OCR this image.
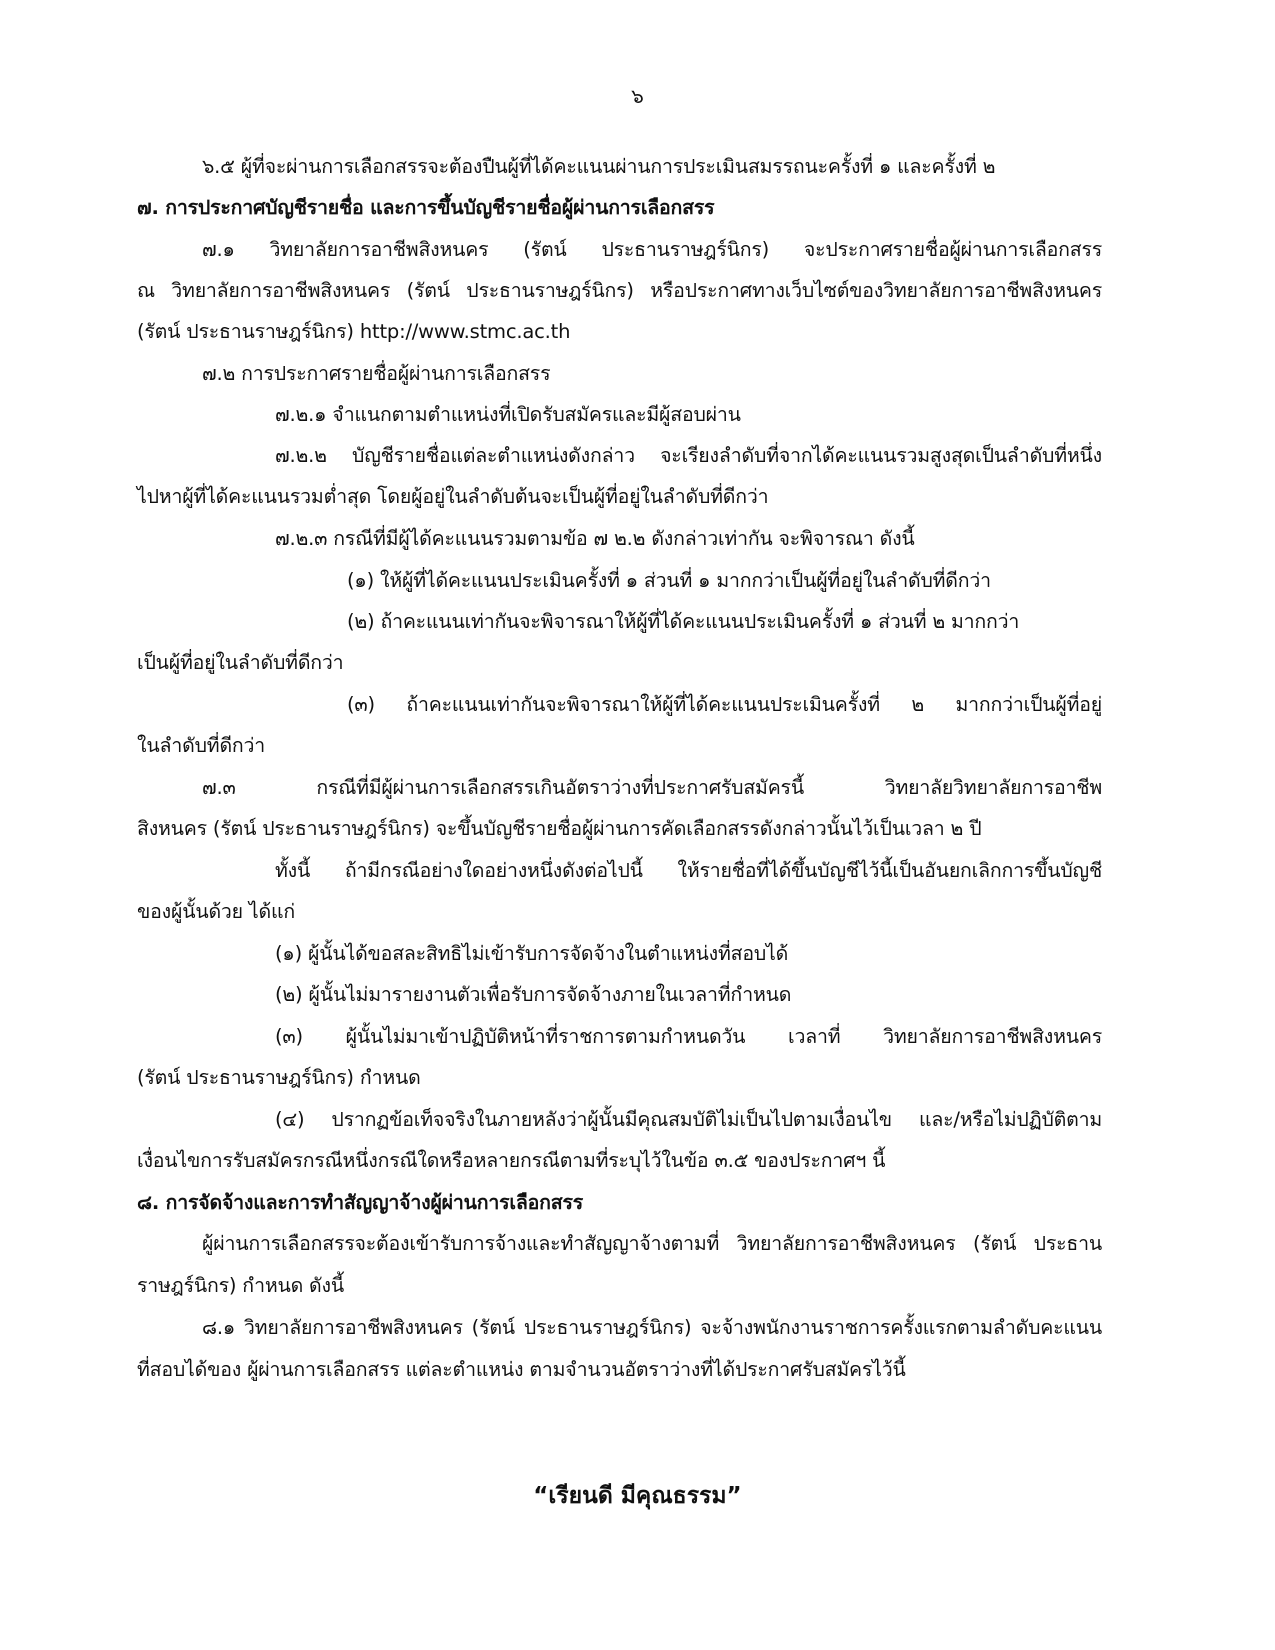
๖
๖.๕ ผู้ที่จะผ่านการเลือกสรรจะต้องปืนผู้ที่ได้คะแนนผ่านการประเมินสมรรถนะครั้งที่ ๑ และครั้งที่ ๒
๗. การประกาศบัญชีรายชื่อ และการขึ้นบัญชีรายชื่อผู้ผ่านการเลือกสรร
๗.๑ วิทยาลัยการอาชีพสิงหนคร (รัตน์ ประธานราษฎร์นิกร) จะประกาศรายชื่อผู้ผ่านการเลือกสรร
ณ วิทยาลัยการอาชีพสิงหนคร (รัตน์ ประธานราษฎร์นิกร) หรือประกาศทางเว็บไซต์ของวิทยาลัยการอาชีพสิงหนคร
(รัตน์ ประธานราษฎร์นิกร) http://www.stmc.ac.th
๗.๒ การประกาศรายชื่อผู้ผ่านการเลือกสรร
๗.๒.๑ จำแนกตามตำแหน่งที่เปิดรับสมัครและมีผู้สอบผ่าน
๗.๒.๒ บัญชีรายชื่อแต่ละตำแหน่งดังกล่าว จะเรียงลำดับที่จากได้คะแนนรวมสูงสุดเป็นลำดับที่หนึ่ง
ไปหาผู้ที่ได้คะแนนรวมต่ำสุด โดยผู้อยู่ในลำดับต้นจะเป็นผู้ที่อยู่ในลำดับที่ดีกว่า
๗.๒.๓ กรณีที่มีผู้ได้คะแนนรวมตามข้อ ๗ ๒.๒ ดังกล่าวเท่ากัน จะพิจารณา ดังนี้
(๑) ให้ผู้ที่ได้คะแนนประเมินครั้งที่ ๑ ส่วนที่ ๑ มากกว่าเป็นผู้ที่อยู่ในลำดับที่ดีกว่า
(๒) ถ้าคะแนนเท่ากันจะพิจารณาให้ผู้ที่ได้คะแนนประเมินครั้งที่ ๑ ส่วนที่ ๒ มากกว่า
เป็นผู้ที่อยู่ในลำดับที่ดีกว่า
(๓) ถ้าคะแนนเท่ากันจะพิจารณาให้ผู้ที่ได้คะแนนประเมินครั้งที่ ๒ มากกว่าเป็นผู้ที่อยู่
ในลำดับที่ดีกว่า
๗.๓ กรณีที่มีผู้ผ่านการเลือกสรรเกินอัตราว่างที่ประกาศรับสมัครนี้ วิทยาลัยวิทยาลัยการอาชีพ
สิงหนคร (รัตน์ ประธานราษฎร์นิกร) จะขึ้นบัญชีรายชื่อผู้ผ่านการคัดเลือกสรรดังกล่าวนั้นไว้เป็นเวลา ๒ ปี
ทั้งนี้ ถ้ามีกรณีอย่างใดอย่างหนึ่งดังต่อไปนี้ ให้รายชื่อที่ได้ขึ้นบัญชีไว้นี้เป็นอันยกเลิกการขึ้นบัญชี
ของผู้นั้นด้วย ได้แก่
(๑) ผู้นั้นได้ขอสละสิทธิไม่เข้ารับการจัดจ้างในตำแหน่งที่สอบได้
(๒) ผู้นั้นไม่มารายงานตัวเพื่อรับการจัดจ้างภายในเวลาที่กำหนด
(๓) ผู้นั้นไม่มาเข้าปฏิบัติหน้าที่ราชการตามกำหนดวัน เวลาที่ วิทยาลัยการอาชีพสิงหนคร
(รัตน์ ประธานราษฎร์นิกร) กำหนด
(๔) ปรากฏข้อเท็จจริงในภายหลังว่าผู้นั้นมีคุณสมบัติไม่เป็นไปตามเงื่อนไข และ/หรือไม่ปฏิบัติตาม
เงื่อนไขการรับสมัครกรณีหนึ่งกรณีใดหรือหลายกรณีตามที่ระบุไว้ในข้อ ๓.๕ ของประกาศฯ นี้
๘. การจัดจ้างและการทำสัญญาจ้างผู้ผ่านการเลือกสรร
ผู้ผ่านการเลือกสรรจะต้องเข้ารับการจ้างและทำสัญญาจ้างตามที่ วิทยาลัยการอาชีพสิงหนคร (รัตน์ ประธาน
ราษฎร์นิกร) กำหนด ดังนี้
๘.๑ วิทยาลัยการอาชีพสิงหนคร (รัตน์ ประธานราษฎร์นิกร) จะจ้างพนักงานราชการครั้งแรกตามลำดับคะแนน
ที่สอบได้ของ ผู้ผ่านการเลือกสรร แต่ละตำแหน่ง ตามจำนวนอัตราว่างที่ได้ประกาศรับสมัครไว้นี้
“เรียนดี มีคุณธรรม”
